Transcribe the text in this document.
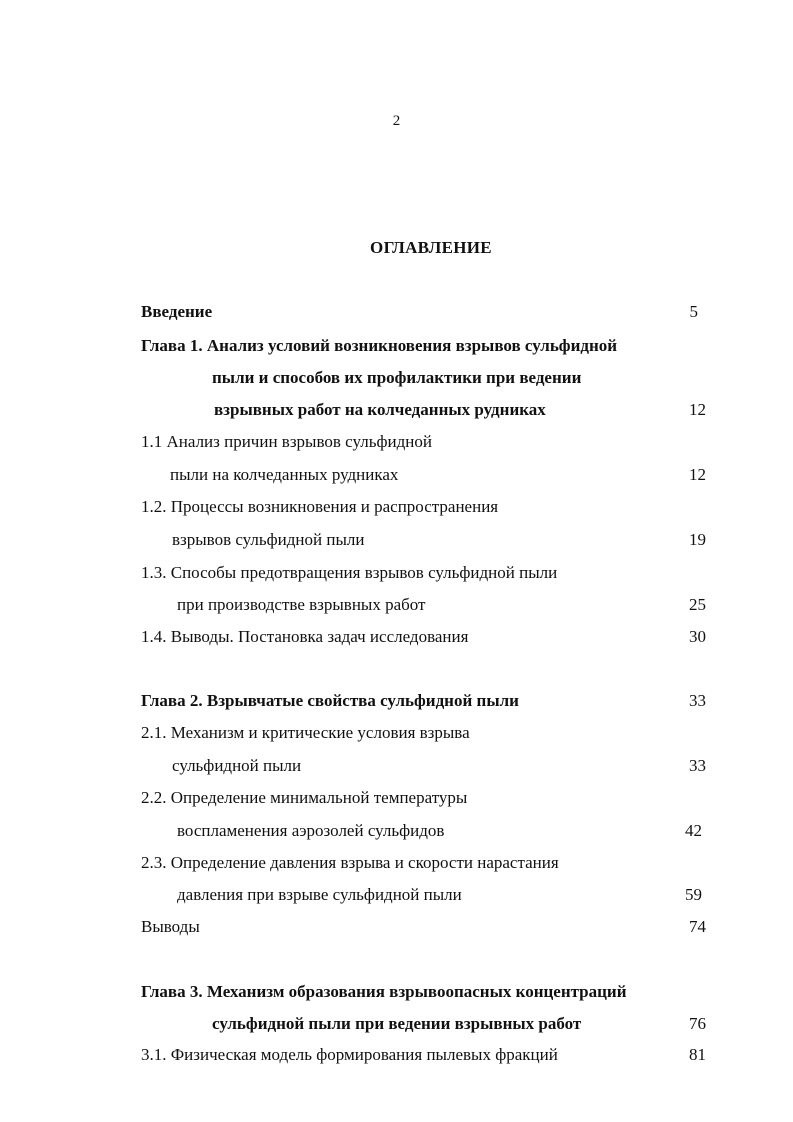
2
ОГЛАВЛЕНИЕ
Введение	5
Глава 1. Анализ условий возникновения взрывов сульфидной
пыли и способов их профилактики при ведении
взрывных работ на колчеданных рудниках	12
1.1 Анализ причин взрывов сульфидной
пыли на колчеданных рудниках	12
1.2. Процессы возникновения и распространения
взрывов сульфидной пыли	19
1.3. Способы предотвращения взрывов сульфидной пыли
при производстве взрывных работ	25
1.4. Выводы. Постановка задач исследования	30
Глава 2. Взрывчатые свойства сульфидной пыли	33
2.1. Механизм и критические условия взрыва
сульфидной пыли	33
2.2. Определение минимальной температуры
воспламенения аэрозолей сульфидов	42
2.3. Определение давления взрыва и скорости нарастания
давления при взрыве сульфидной пыли	59
Выводы	74
Глава 3. Механизм образования взрывоопасных концентраций
сульфидной пыли при ведении взрывных работ	76
3.1. Физическая модель формирования пылевых фракций	81
